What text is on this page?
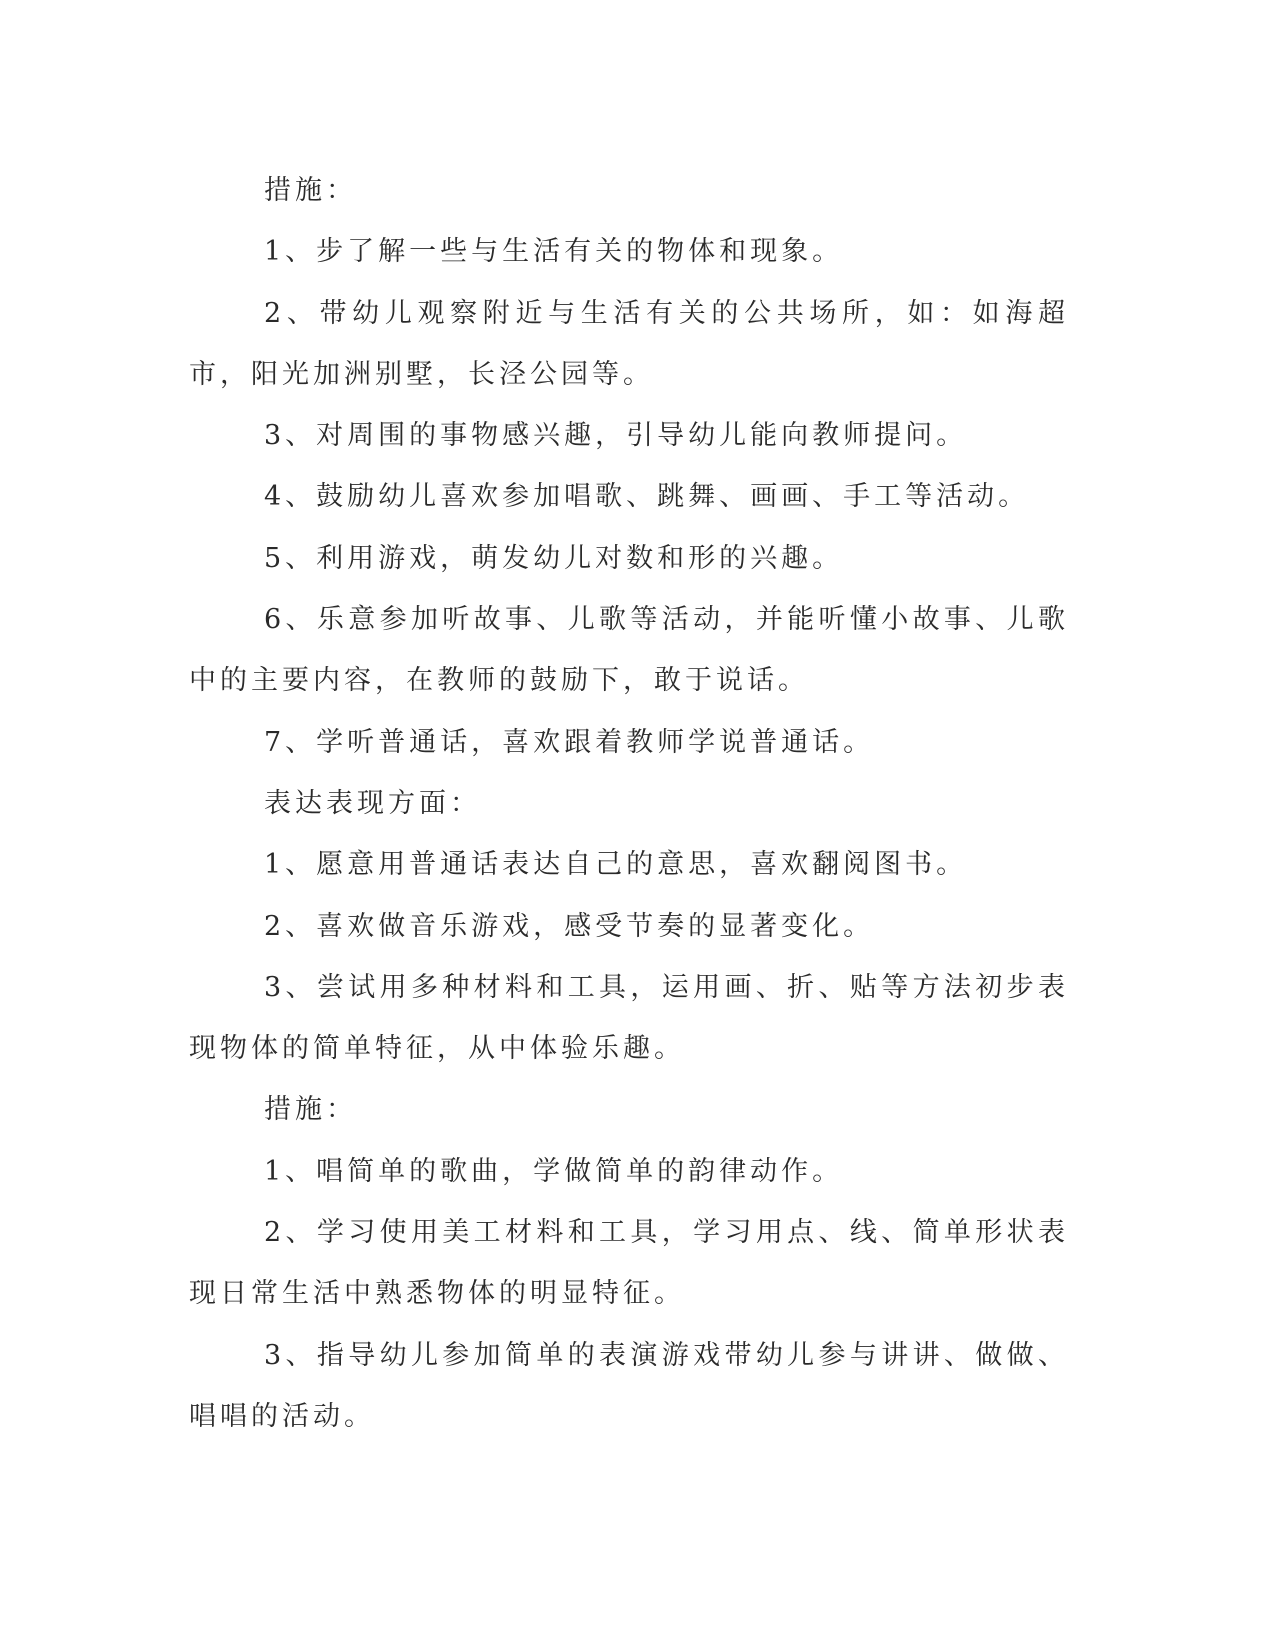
措施：

1、步了解一些与生活有关的物体和现象。

2、带幼儿观察附近与生活有关的公共场所，如：如海超市，阳光加洲别墅，长泾公园等。

3、对周围的事物感兴趣，引导幼儿能向教师提问。

4、鼓励幼儿喜欢参加唱歌、跳舞、画画、手工等活动。

5、利用游戏，萌发幼儿对数和形的兴趣。

6、乐意参加听故事、儿歌等活动，并能听懂小故事、儿歌中的主要内容，在教师的鼓励下，敢于说话。

7、学听普通话，喜欢跟着教师学说普通话。

表达表现方面：

1、愿意用普通话表达自己的意思，喜欢翻阅图书。

2、喜欢做音乐游戏，感受节奏的显著变化。

3、尝试用多种材料和工具，运用画、折、贴等方法初步表现物体的简单特征，从中体验乐趣。

措施：

1、唱简单的歌曲，学做简单的韵律动作。

2、学习使用美工材料和工具，学习用点、线、简单形状表现日常生活中熟悉物体的明显特征。

3、指导幼儿参加简单的表演游戏带幼儿参与讲讲、做做、唱唱的活动。
